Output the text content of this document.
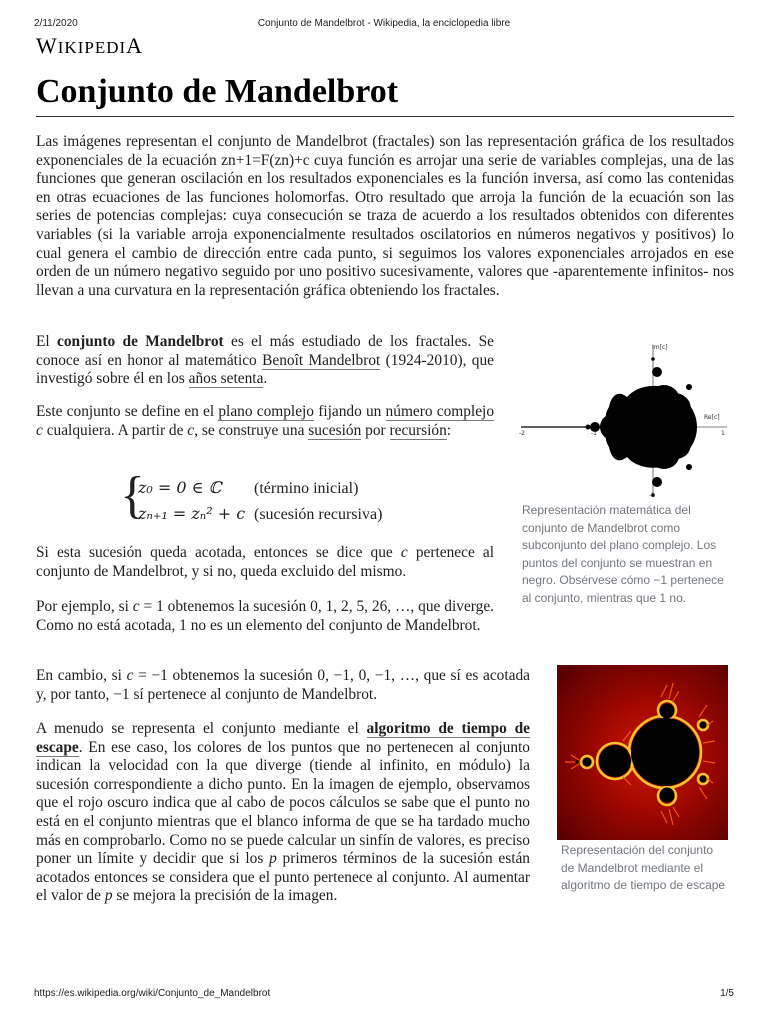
2/11/2020	Conjunto de Mandelbrot - Wikipedia, la enciclopedia libre
WIKIPEDIA
Conjunto de Mandelbrot

Las imágenes representan el conjunto de Mandelbrot (fractales) son las representación gráfica de los resultados exponenciales de la ecuación zn+1=F(zn)+c cuya función es arrojar una serie de variables complejas, una de las funciones que generan oscilación en los resultados exponenciales es la función inversa, así como las contenidas en otras ecuaciones de las funciones holomorfas. Otro resultado que arroja la función de la ecuación son las series de potencias complejas: cuya consecución se traza de acuerdo a los resultados obtenidos con diferentes variables (si la variable arroja exponencialmente resultados oscilatorios en números negativos y positivos) lo cual genera el cambio de dirección entre cada punto, si seguimos los valores exponenciales arrojados en ese orden de un número negativo seguido por uno positivo sucesivamente, valores que -aparentemente infinitos- nos llevan a una curvatura en la representación gráfica obteniendo los fractales.

El conjunto de Mandelbrot es el más estudiado de los fractales. Se conoce así en honor al matemático Benoît Mandelbrot (1924-2010), que investigó sobre él en los años setenta.

Este conjunto se define en el plano complejo fijando un número complejo c cualquiera. A partir de c, se construye una sucesión por recursión:

{
z₀ = 0 ∈ ℂ (término inicial)
zₙ₊₁ = zₙ² + c (sucesión recursiva)

Si esta sucesión queda acotada, entonces se dice que c pertenece al conjunto de Mandelbrot, y si no, queda excluido del mismo.

Por ejemplo, si c = 1 obtenemos la sucesión 0, 1, 2, 5, 26, …, que diverge. Como no está acotada, 1 no es un elemento del conjunto de Mandelbrot.

En cambio, si c = −1 obtenemos la sucesión 0, −1, 0, −1, …, que sí es acotada y, por tanto, −1 sí pertenece al conjunto de Mandelbrot.

A menudo se representa el conjunto mediante el algoritmo de tiempo de escape. En ese caso, los colores de los puntos que no pertenecen al conjunto indican la velocidad con la que diverge (tiende al infinito, en módulo) la sucesión correspondiente a dicho punto. En la imagen de ejemplo, observamos que el rojo oscuro indica que al cabo de pocos cálculos se sabe que el punto no está en el conjunto mientras que el blanco informa de que se ha tardado mucho más en comprobarlo. Como no se puede calcular un sinfín de valores, es preciso poner un límite y decidir que si los p primeros términos de la sucesión están acotados entonces se considera que el punto pertenece al conjunto. Al aumentar el valor de p se mejora la precisión de la imagen.

Im[c]
Re[c]
-2	1
-1
-1
Representación matemática del conjunto de Mandelbrot como subconjunto del plano complejo. Los puntos del conjunto se muestran en negro. Obsérvese cómo −1 pertenece al conjunto, mientras que 1 no.
Representación del conjunto de Mandelbrot mediante el algoritmo de tiempo de escape
https://es.wikipedia.org/wiki/Conjunto_de_Mandelbrot	1/5
